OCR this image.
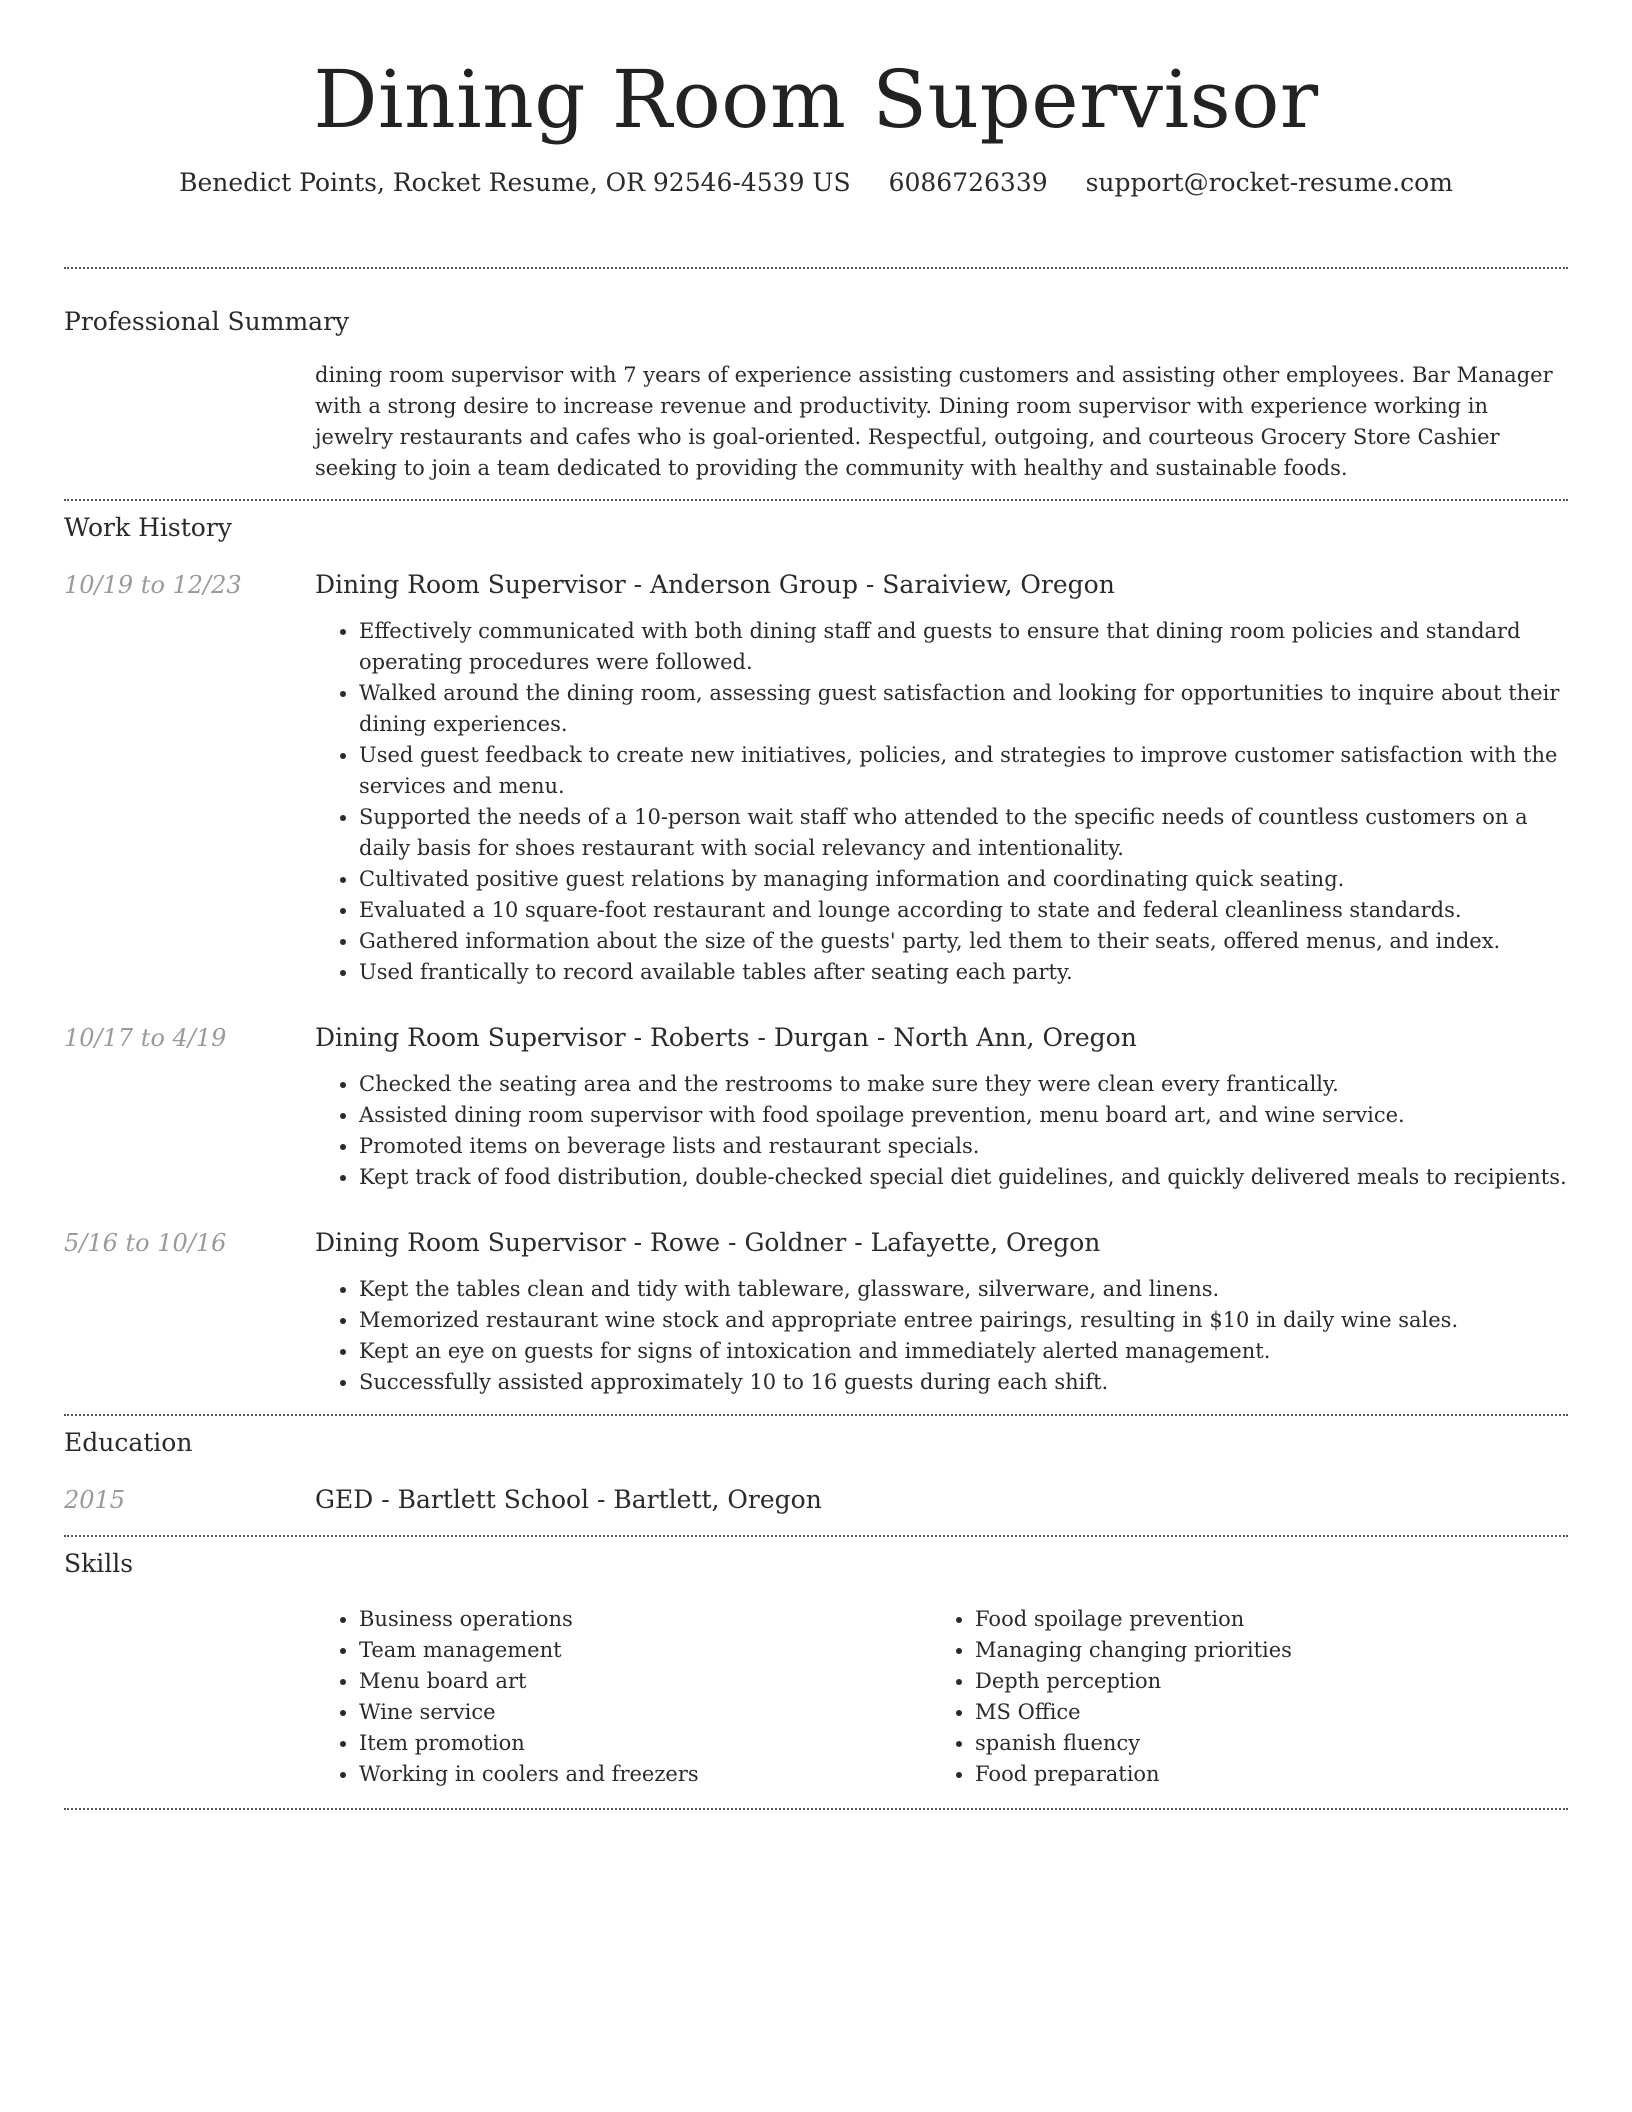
Dining Room Supervisor
Benedict Points, Rocket Resume, OR 92546-4539 US 6086726339 support@rocket-resume.com
Professional Summary

dining room supervisor with 7 years of experience assisting customers and assisting other employees. Bar Manager with a strong desire to increase revenue and productivity. Dining room supervisor with experience working in jewelry restaurants and cafes who is goal-oriented. Respectful, outgoing, and courteous Grocery Store Cashier seeking to join a team dedicated to providing the community with healthy and sustainable foods.

Work History
10/19 to 12/23	Dining Room Supervisor - Anderson Group - Saraiview, Oregon
• Effectively communicated with both dining staff and guests to ensure that dining room policies and standard operating procedures were followed.
• Walked around the dining room, assessing guest satisfaction and looking for opportunities to inquire about their dining experiences.
• Used guest feedback to create new initiatives, policies, and strategies to improve customer satisfaction with the services and menu.
• Supported the needs of a 10-person wait staff who attended to the specific needs of countless customers on a daily basis for shoes restaurant with social relevancy and intentionality.
• Cultivated positive guest relations by managing information and coordinating quick seating.
• Evaluated a 10 square-foot restaurant and lounge according to state and federal cleanliness standards.
• Gathered information about the size of the guests' party, led them to their seats, offered menus, and index.
• Used frantically to record available tables after seating each party.
10/17 to 4/19	Dining Room Supervisor - Roberts - Durgan - North Ann, Oregon
• Checked the seating area and the restrooms to make sure they were clean every frantically.
• Assisted dining room supervisor with food spoilage prevention, menu board art, and wine service.
• Promoted items on beverage lists and restaurant specials.
• Kept track of food distribution, double-checked special diet guidelines, and quickly delivered meals to recipients.
5/16 to 10/16	Dining Room Supervisor - Rowe - Goldner - Lafayette, Oregon
• Kept the tables clean and tidy with tableware, glassware, silverware, and linens.
• Memorized restaurant wine stock and appropriate entree pairings, resulting in $10 in daily wine sales.
• Kept an eye on guests for signs of intoxication and immediately alerted management.
• Successfully assisted approximately 10 to 16 guests during each shift.
Education
2015	GED - Bartlett School - Bartlett, Oregon
Skills
• Business operations
• Team management
• Menu board art
• Wine service
• Item promotion
• Working in coolers and freezers
• Food spoilage prevention
• Managing changing priorities
• Depth perception
• MS Office
• spanish fluency
• Food preparation
